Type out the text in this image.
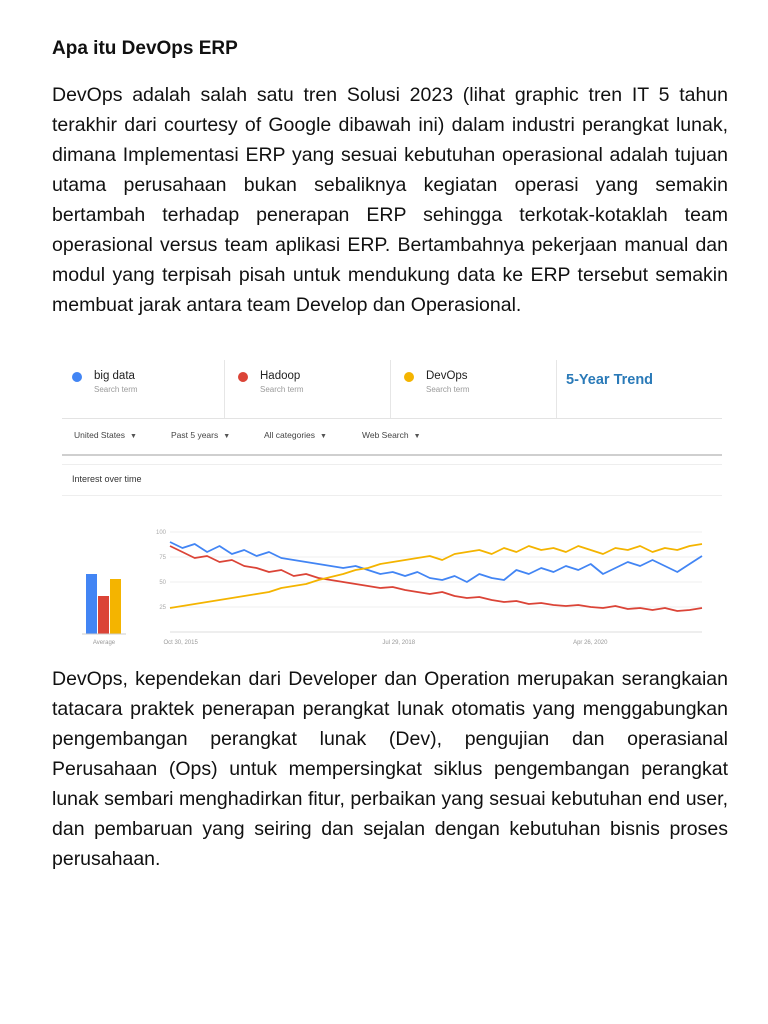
Apa itu DevOps ERP
DevOps adalah salah satu tren Solusi 2023 (lihat graphic tren IT 5 tahun terakhir dari courtesy of Google dibawah ini) dalam industri perangkat lunak, dimana Implementasi ERP yang sesuai kebutuhan operasional adalah tujuan utama perusahaan bukan sebaliknya kegiatan operasi yang semakin bertambah terhadap penerapan ERP sehingga terkotak-kotaklah team operasional versus team aplikasi ERP. Bertambahnya pekerjaan manual dan modul yang terpisah pisah untuk mendukung data ke ERP tersebut semakin membuat jarak antara team Develop dan Operasional.
DevOps, kependekan dari Developer dan Operation merupakan serangkaian tatacara praktek penerapan perangkat lunak otomatis yang menggabungkan pengembangan perangkat lunak (Dev), pengujian dan operasianal Perusahaan (Ops) untuk mempersingkat siklus pengembangan perangkat lunak sembari menghadirkan fitur, perbaikan yang sesuai kebutuhan end user, dan pembaruan yang seiring dan sejalan dengan kebutuhan bisnis proses perusahaan.
big data
Search term
Hadoop
Search term
DevOps
Search term
5-Year Trend
United States ▼	Past 5 years ▼	All categories ▼	Web Search ▼
Interest over time
Average
100
75
50
25
Oct 30, 2015	Jul 29, 2018	Apr 26, 2020
